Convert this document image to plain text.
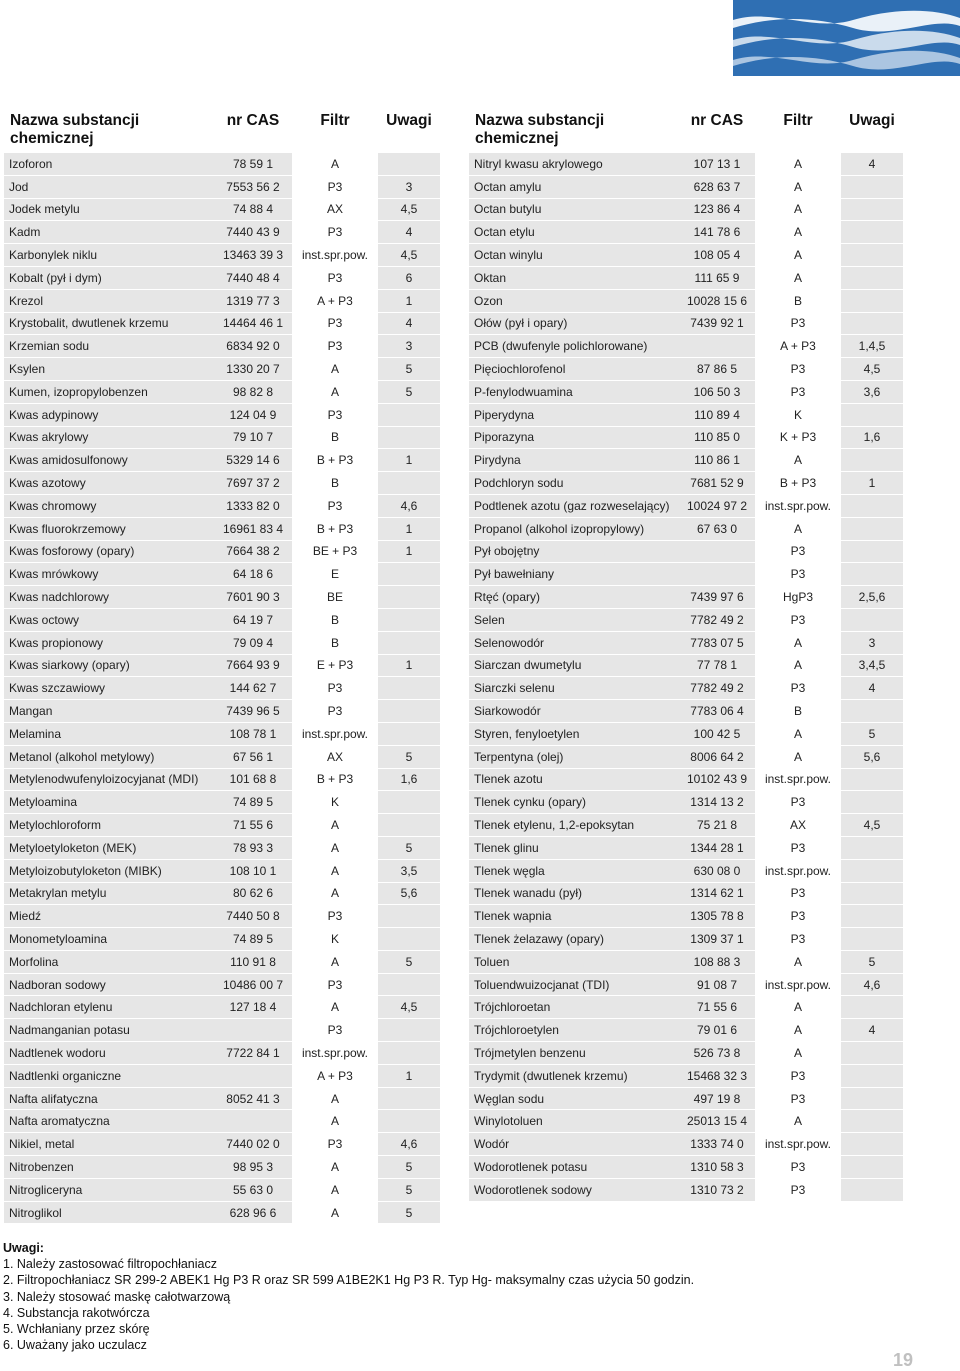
Nazwa substancji chemicznej	nr CAS	Filtr	Uwagi
Izoforon	78 59 1	A	
Jod	7553 56 2	P3	3
Jodek metylu	74 88 4	AX	4,5
Kadm	7440 43 9	P3	4
Karbonylek niklu	13463 39 3	inst.spr.pow.	4,5
Kobalt (pył i dym)	7440 48 4	P3	6
Krezol	1319 77 3	A + P3	1
Krystobalit, dwutlenek krzemu	14464 46 1	P3	4
Krzemian sodu	6834 92 0	P3	3
Ksylen	1330 20 7	A	5
Kumen, izopropylobenzen	98 82 8	A	5
Kwas adypinowy	124 04 9	P3	
Kwas akrylowy	79 10 7	B	
Kwas amidosulfonowy	5329 14 6	B + P3	1
Kwas azotowy	7697 37 2	B	
Kwas chromowy	1333 82 0	P3	4,6
Kwas fluorokrzemowy	16961 83 4	B + P3	1
Kwas fosforowy (opary)	7664 38 2	BE + P3	1
Kwas mrówkowy	64 18 6	E	
Kwas nadchlorowy	7601 90 3	BE	
Kwas octowy	64 19 7	B	
Kwas propionowy	79 09 4	B	
Kwas siarkowy (opary)	7664 93 9	E + P3	1
Kwas szczawiowy	144 62 7	P3	
Mangan	7439 96 5	P3	
Melamina	108 78 1	inst.spr.pow.	
Metanol (alkohol metylowy)	67 56 1	AX	5
Metylenodwufenyloizocyjanat (MDI)	101 68 8	B + P3	1,6
Metyloamina	74 89 5	K	
Metylochloroform	71 55 6	A	
Metyloetyloketon (MEK)	78 93 3	A	5
Metyloizobutyloketon (MIBK)	108 10 1	A	3,5
Metakrylan metylu	80 62 6	A	5,6
Miedź	7440 50 8	P3	
Monometyloamina	74 89 5	K	
Morfolina	110 91 8	A	5
Nadboran sodowy	10486 00 7	P3	
Nadchloran etylenu	127 18 4	A	4,5
Nadmanganian potasu		P3	
Nadtlenek wodoru	7722 84 1	inst.spr.pow.	
Nadtlenki organiczne		A + P3	1
Nafta alifatyczna	8052 41 3	A	
Nafta aromatyczna		A	
Nikiel, metal	7440 02 0	P3	4,6
Nitrobenzen	98 95 3	A	5
Nitrogliceryna	55 63 0	A	5
Nitroglikol	628 96 6	A	5
Nazwa substancji chemicznej	nr CAS	Filtr	Uwagi
Nitryl kwasu akrylowego	107 13 1	A	4
Octan amylu	628 63 7	A	
Octan butylu	123 86 4	A	
Octan etylu	141 78 6	A	
Octan winylu	108 05 4	A	
Oktan	111 65 9	A	
Ozon	10028 15 6	B	
Ołów (pył i opary)	7439 92 1	P3	
PCB (dwufenyle polichlorowane)		A + P3	1,4,5
Pięciochlorofenol	87 86 5	P3	4,5
P-fenylodwuamina	106 50 3	P3	3,6
Piperydyna	110 89 4	K	
Piporazyna	110 85 0	K + P3	1,6
Pirydyna	110 86 1	A	
Podchloryn sodu	7681 52 9	B + P3	1
Podtlenek azotu (gaz rozweselający)	10024 97 2	inst.spr.pow.	
Propanol (alkohol izopropylowy)	67 63 0	A	
Pył obojętny		P3	
Pył bawełniany		P3	
Rtęć (opary)	7439 97 6	HgP3	2,5,6
Selen	7782 49 2	P3	
Selenowodór	7783 07 5	A	3
Siarczan dwumetylu	77 78 1	A	3,4,5
Siarczki selenu	7782 49 2	P3	4
Siarkowodór	7783 06 4	B	
Styren, fenyloetylen	100 42 5	A	5
Terpentyna (olej)	8006 64 2	A	5,6
Tlenek azotu	10102 43 9	inst.spr.pow.	
Tlenek cynku (opary)	1314 13 2	P3	
Tlenek etylenu, 1,2-epoksytan	75 21 8	AX	4,5
Tlenek glinu	1344 28 1	P3	
Tlenek węgla	630 08 0	inst.spr.pow.	
Tlenek wanadu (pył)	1314 62 1	P3	
Tlenek wapnia	1305 78 8	P3	
Tlenek żelazawy (opary)	1309 37 1	P3	
Toluen	108 88 3	A	5
Toluendwuizocjanat (TDI)	91 08 7	inst.spr.pow.	4,6
Trójchloroetan	71 55 6	A	
Trójchloroetylen	79 01 6	A	4
Trójmetylen benzenu	526 73 8	A	
Trydymit (dwutlenek krzemu)	15468 32 3	P3	
Węglan sodu	497 19 8	P3	
Winylotoluen	25013 15 4	A	
Wodór	1333 74 0	inst.spr.pow.	
Wodorotlenek potasu	1310 58 3	P3	
Wodorotlenek sodowy	1310 73 2	P3	
Uwagi:
1. Należy zastosować filtropochłaniacz
2. Filtropochłaniacz SR 299-2 ABEK1 Hg P3 R oraz SR 599 A1BE2K1 Hg P3 R. Typ Hg- maksymalny czas użycia 50 godzin.
3. Należy stosować maskę całotwarzową
4. Substancja rakotwórcza
5. Wchłaniany przez skórę
6. Uważany jako uczulacz
19
